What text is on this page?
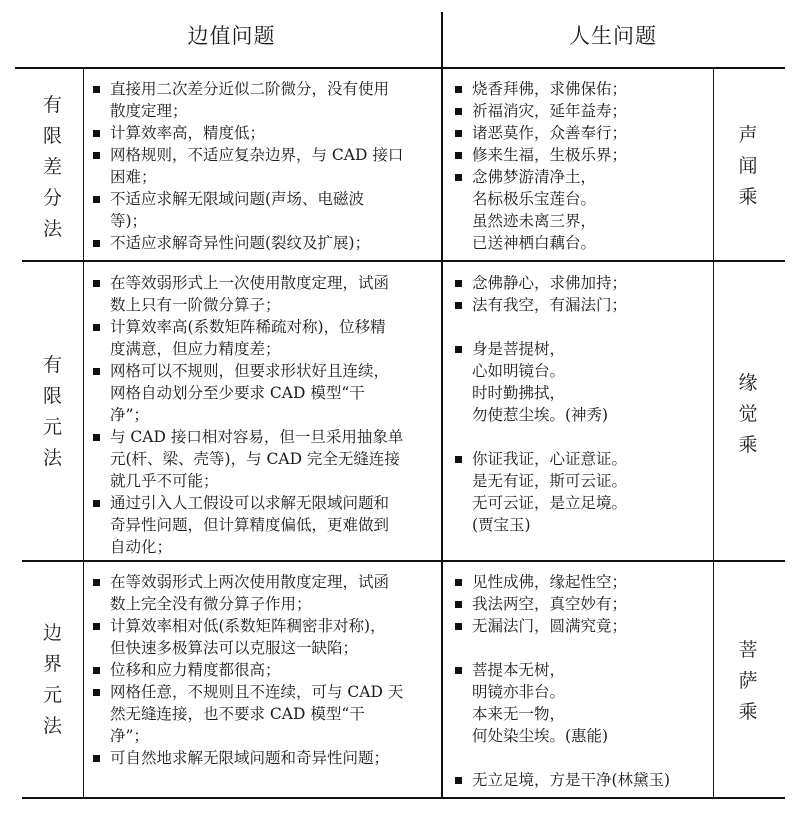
边值问题	人生问题
有
限
差
分
法
直接用二次差分近似二阶微分，没有使用
散度定理；
计算效率高，精度低；
网格规则，不适应复杂边界，与 CAD 接口
困难；
不适应求解无限域问题(声场、电磁波
等)；
不适应求解奇异性问题(裂纹及扩展)；
烧香拜佛，求佛保佑；
祈福消灾，延年益寿；
诸恶莫作，众善奉行；
修来生福，生极乐界；
念佛梦游清净土，
名标极乐宝莲台。
虽然迹未离三界，
已送神栖白藕台。
声
闻
乘
有
限
元
法
在等效弱形式上一次使用散度定理，试函
数上只有一阶微分算子；
计算效率高(系数矩阵稀疏对称)，位移精
度满意，但应力精度差；
网格可以不规则，但要求形状好且连续，
网格自动划分至少要求 CAD 模型“干
净”；
与 CAD 接口相对容易，但一旦采用抽象单
元(杆、梁、壳等)，与 CAD 完全无缝连接
就几乎不可能；
通过引入人工假设可以求解无限域问题和
奇异性问题，但计算精度偏低，更难做到
自动化；
念佛静心，求佛加持；
法有我空，有漏法门；
身是菩提树，
心如明镜台。
时时勤拂拭，
勿使惹尘埃。(神秀)
你证我证，心证意证。
是无有证，斯可云证。
无可云证，是立足境。
(贾宝玉)
缘
觉
乘
边
界
元
法
在等效弱形式上两次使用散度定理，试函
数上完全没有微分算子作用；
计算效率相对低(系数矩阵稠密非对称)，
但快速多极算法可以克服这一缺陷；
位移和应力精度都很高；
网格任意，不规则且不连续，可与 CAD 天
然无缝连接，也不要求 CAD 模型“干
净”；
可自然地求解无限域问题和奇异性问题；
见性成佛，缘起性空；
我法两空，真空妙有；
无漏法门，圆满究竟；
菩提本无树，
明镜亦非台。
本来无一物，
何处染尘埃。(惠能)
无立足境，方是干净(林黛玉)
菩
萨
乘
